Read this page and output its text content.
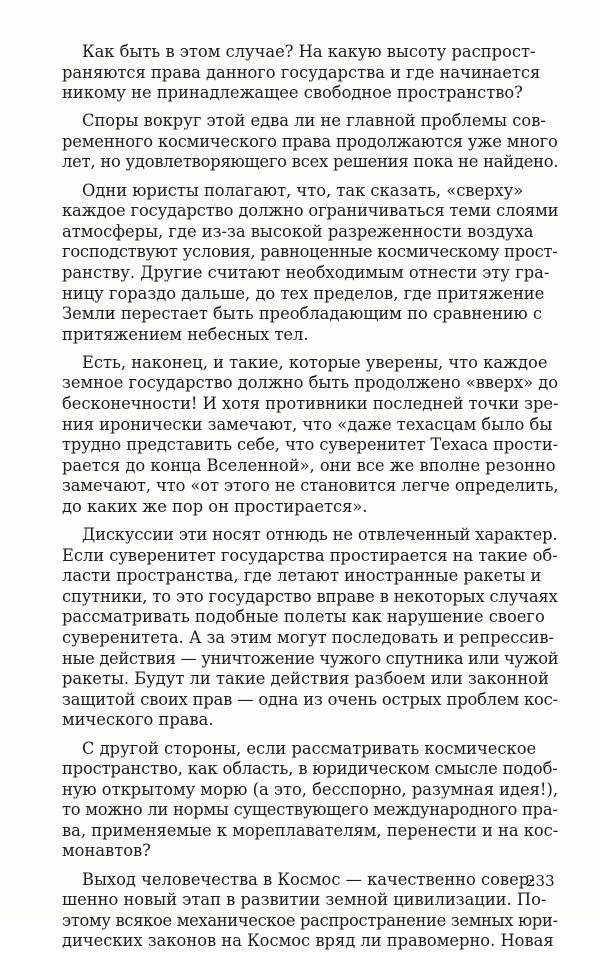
Как быть в этом случае? На какую высоту распрост-
раняются права данного государства и где начинается
никому не принадлежащее свободное пространство?
Споры вокруг этой едва ли не главной проблемы сов-
ременного космического права продолжаются уже много
лет, но удовлетворяющего всех решения пока не найдено.
Одни юристы полагают, что, так сказать, «сверху»
каждое государство должно ограничиваться теми слоями
атмосферы, где из-за высокой разреженности воздуха
господствуют условия, равноценные космическому прост-
ранству. Другие считают необходимым отнести эту гра-
ницу гораздо дальше, до тех пределов, где притяжение
Земли перестает быть преобладающим по сравнению с
притяжением небесных тел.
Есть, наконец, и такие, которые уверены, что каждое
земное государство должно быть продолжено «вверх» до
бесконечности! И хотя противники последней точки зре-
ния иронически замечают, что «даже техасцам было бы
трудно представить себе, что суверенитет Техаса прости-
рается до конца Вселенной», они все же вполне резонно
замечают, что «от этого не становится легче определить,
до каких же пор он простирается».
Дискуссии эти носят отнюдь не отвлеченный характер.
Если суверенитет государства простирается на такие об-
ласти пространства, где летают иностранные ракеты и
спутники, то это государство вправе в некоторых случаях
рассматривать подобные полеты как нарушение своего
суверенитета. А за этим могут последовать и репрессив-
ные действия — уничтожение чужого спутника или чужой
ракеты. Будут ли такие действия разбоем или законной
защитой своих прав — одна из очень острых проблем кос-
мического права.
С другой стороны, если рассматривать космическое
пространство, как область, в юридическом смысле подоб-
ную открытому морю (а это, бесспорно, разумная идея!),
то можно ли нормы существующего международного пра-
ва, применяемые к мореплавателям, перенести и на кос-
монавтов?
Выход человечества в Космос — качественно совер-
шенно новый этап в развитии земной цивилизации. По-
этому всякое механическое распространение земных юри-
дических законов на Космос вряд ли правомерно. Новая
233
